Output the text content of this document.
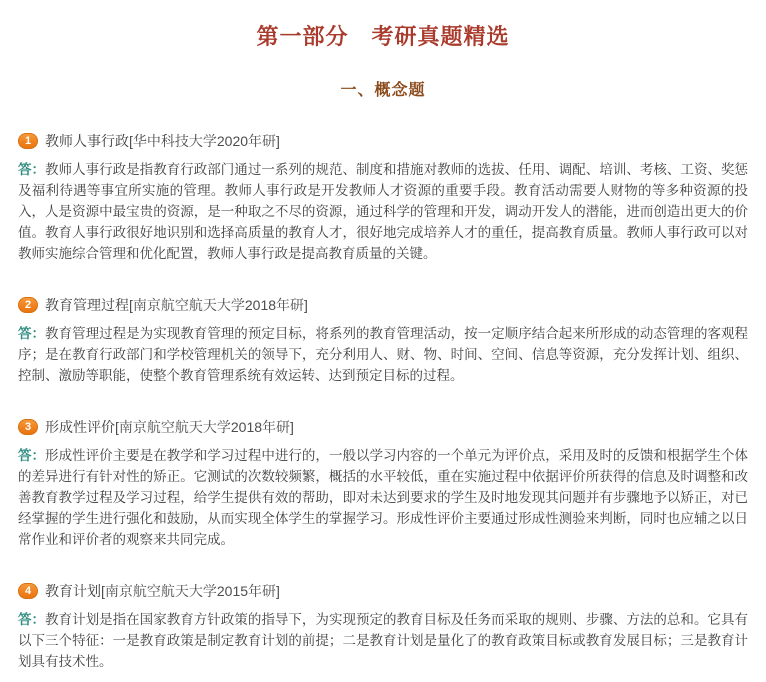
第一部分　考研真题精选
一、概念题
1 教师人事行政[华中科技大学2020年研]

答：教师人事行政是指教育行政部门通过一系列的规范、制度和措施对教师的选拔、任用、调配、培训、考核、工资、奖惩及福利待遇等事宜所实施的管理。教师人事行政是开发教师人才资源的重要手段。教育活动需要人财物的等多种资源的投入，人是资源中最宝贵的资源，是一种取之不尽的资源，通过科学的管理和开发，调动开发人的潜能，进而创造出更大的价值。教育人事行政很好地识别和选择高质量的教育人才，很好地完成培养人才的重任，提高教育质量。教师人事行政可以对教师实施综合管理和优化配置，教师人事行政是提高教育质量的关键。

2 教育管理过程[南京航空航天大学2018年研]

答：教育管理过程是为实现教育管理的预定目标，将系列的教育管理活动，按一定顺序结合起来所形成的动态管理的客观程序；是在教育行政部门和学校管理机关的领导下，充分利用人、财、物、时间、空间、信息等资源，充分发挥计划、组织、控制、激励等职能，使整个教育管理系统有效运转、达到预定目标的过程。

3 形成性评价[南京航空航天大学2018年研]

答：形成性评价主要是在教学和学习过程中进行的，一般以学习内容的一个单元为评价点，采用及时的反馈和根据学生个体的差异进行有针对性的矫正。它测试的次数较频繁，概括的水平较低，重在实施过程中依据评价所获得的信息及时调整和改善教育教学过程及学习过程，给学生提供有效的帮助，即对未达到要求的学生及时地发现其问题并有步骤地予以矫正，对已经掌握的学生进行强化和鼓励，从而实现全体学生的掌握学习。形成性评价主要通过形成性测验来判断，同时也应辅之以日常作业和评价者的观察来共同完成。

4 教育计划[南京航空航天大学2015年研]

答：教育计划是指在国家教育方针政策的指导下，为实现预定的教育目标及任务而采取的规则、步骤、方法的总和。它具有以下三个特征：一是教育政策是制定教育计划的前提；二是教育计划是量化了的教育政策目标或教育发展目标；三是教育计划具有技术性。
